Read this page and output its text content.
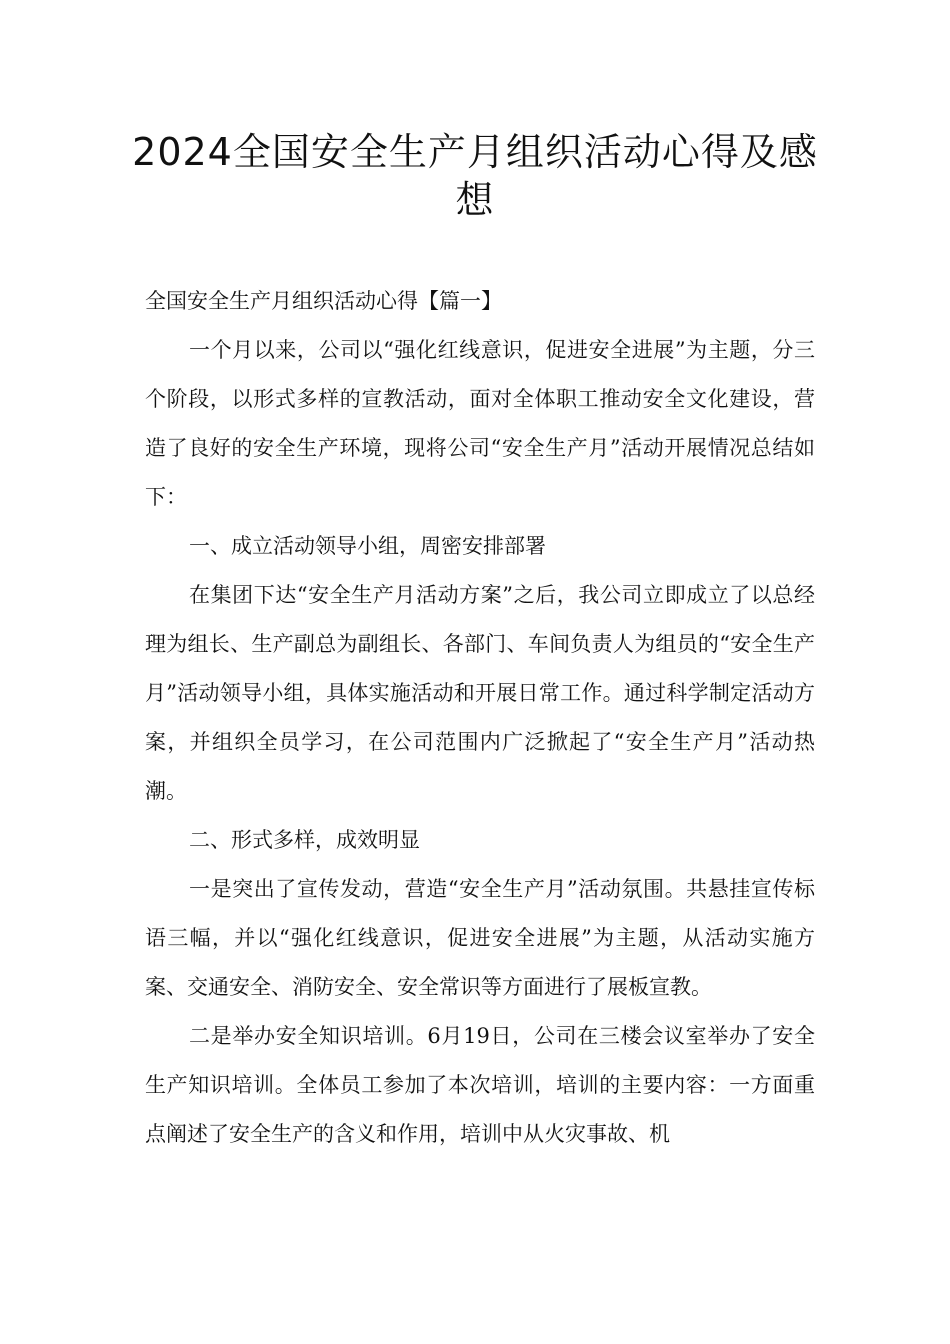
2024全国安全生产月组织活动心得及感想

全国安全生产月组织活动心得【篇一】

一个月以来，公司以“强化红线意识，促进安全进展”为主题，分三个阶段，以形式多样的宣教活动，面对全体职工推动安全文化建设，营造了良好的安全生产环境，现将公司“安全生产月”活动开展情况总结如下：

一、成立活动领导小组，周密安排部署

在集团下达“安全生产月活动方案”之后，我公司立即成立了以总经理为组长、生产副总为副组长、各部门、车间负责人为组员的“安全生产月”活动领导小组，具体实施活动和开展日常工作。通过科学制定活动方案，并组织全员学习，在公司范围内广泛掀起了“安全生产月”活动热潮。

二、形式多样，成效明显

一是突出了宣传发动，营造“安全生产月”活动氛围。共悬挂宣传标语三幅，并以“强化红线意识，促进安全进展”为主题，从活动实施方案、交通安全、消防安全、安全常识等方面进行了展板宣教。

二是举办安全知识培训。6月19日，公司在三楼会议室举办了安全生产知识培训。全体员工参加了本次培训，培训的主要内容：一方面重点阐述了安全生产的含义和作用，培训中从火灾事故、机
